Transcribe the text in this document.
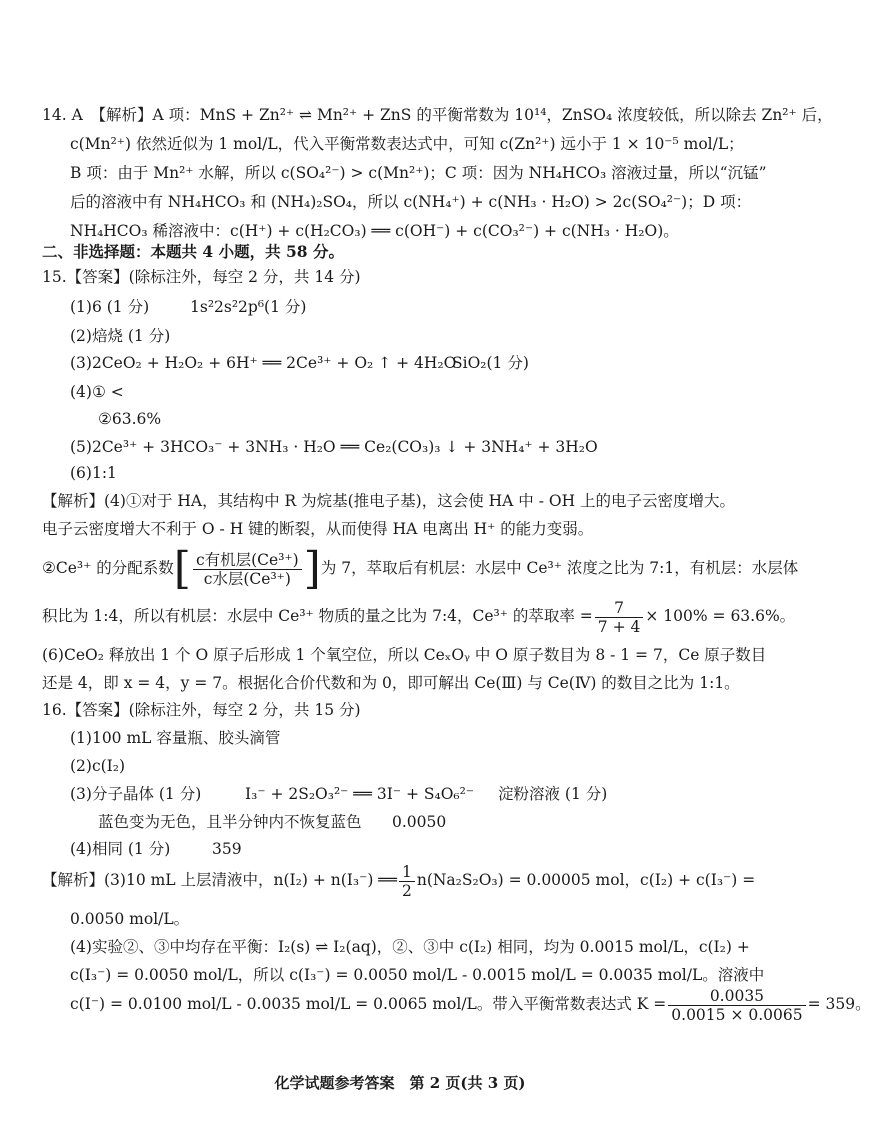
14. A　【解析】A 项：MnS + Zn²⁺ ⇌ Mn²⁺ + ZnS 的平衡常数为 10¹⁴，ZnSO₄ 浓度较低，所以除去 Zn²⁺ 后，
c(Mn²⁺) 依然近似为 1 mol/L，代入平衡常数表达式中，可知 c(Zn²⁺) 远小于 1 × 10⁻⁵ mol/L；
B 项：由于 Mn²⁺ 水解，所以 c(SO₄²⁻) > c(Mn²⁺)；C 项：因为 NH₄HCO₃ 溶液过量，所以“沉锰”
后的溶液中有 NH₄HCO₃ 和 (NH₄)₂SO₄，所以 c(NH₄⁺) + c(NH₃ · H₂O) > 2c(SO₄²⁻)；D 项：
NH₄HCO₃ 稀溶液中：c(H⁺) + c(H₂CO₃) ══ c(OH⁻) + c(CO₃²⁻) + c(NH₃ · H₂O)。
二、非选择题：本题共 4 小题，共 58 分。
15.【答案】(除标注外，每空 2 分，共 14 分)
(1)6 (1 分)	1s²2s²2p⁶(1 分)
(2)焙烧 (1 分)
(3)2CeO₂ + H₂O₂ + 6H⁺ ══ 2Ce³⁺ + O₂ ↑ + 4H₂O
SiO₂(1 分)
(4)① <
②63.6%
(5)2Ce³⁺ + 3HCO₃⁻ + 3NH₃ · H₂O ══ Ce₂(CO₃)₃ ↓ + 3NH₄⁺ + 3H₂O
(6)1:1
【解析】(4)①对于 HA，其结构中 R 为烷基(推电子基)，这会使 HA 中 - OH 上的电子云密度增大。
电子云密度增大不利于 O - H 键的断裂，从而使得 HA 电离出 H⁺ 的能力变弱。
②Ce³⁺ 的分配系数[ $\frac{\text{c有机层(Ce³⁺)}}{\text{c水层(Ce³⁺)}}$ ]为 7，萃取后有机层：水层中 Ce³⁺ 浓度之比为 7:1，有机层：水层体
积比为 1:4，所以有机层：水层中 Ce³⁺ 物质的量之比为 7:4，Ce³⁺ 的萃取率 = $\frac{7}{7 + 4} \times 100\% = 63.6\%$。
(6)CeO₂ 释放出 1 个 O 原子后形成 1 个氧空位，所以 CeₓOᵧ 中 O 原子数目为 8 - 1 = 7，Ce 原子数目
还是 4，即 x = 4，y = 7。根据化合价代数和为 0，即可解出 Ce(Ⅲ) 与 Ce(Ⅳ) 的数目之比为 1:1。
16.【答案】(除标注外，每空 2 分，共 15 分)
(1)100 mL 容量瓶、胶头滴管
(2)c(I₂)
(3)分子晶体 (1 分)	I₃⁻ + 2S₂O₃²⁻ ══ 3I⁻ + S₄O₆²⁻ 淀粉溶液 (1 分)
蓝色变为无色，且半分钟内不恢复蓝色 0.0050
(4)相同 (1 分)	359
【解析】(3)10 mL 上层清液中，n(I₂) + n(I₃⁻) ══ $\frac{1}{2} n(Na_2S_2O_3) = 0.00005$ mol，c(I₂) + c(I₃⁻) =
0.0050 mol/L。
(4)实验②、③中均存在平衡：I₂(s) ⇌ I₂(aq)，②、③中 c(I₂) 相同，均为 0.0015 mol/L，c(I₂) +
c(I₃⁻) = 0.0050 mol/L，所以 c(I₃⁻) = 0.0050 mol/L - 0.0015 mol/L = 0.0035 mol/L。溶液中
c(I⁻) = 0.0100 mol/L - 0.0035 mol/L = 0.0065 mol/L。带入平衡常数表达式 $K = \frac{0.0035}{0.0015 \times 0.0065} = 359$。
化学试题参考答案　第 2 页(共 3 页)
